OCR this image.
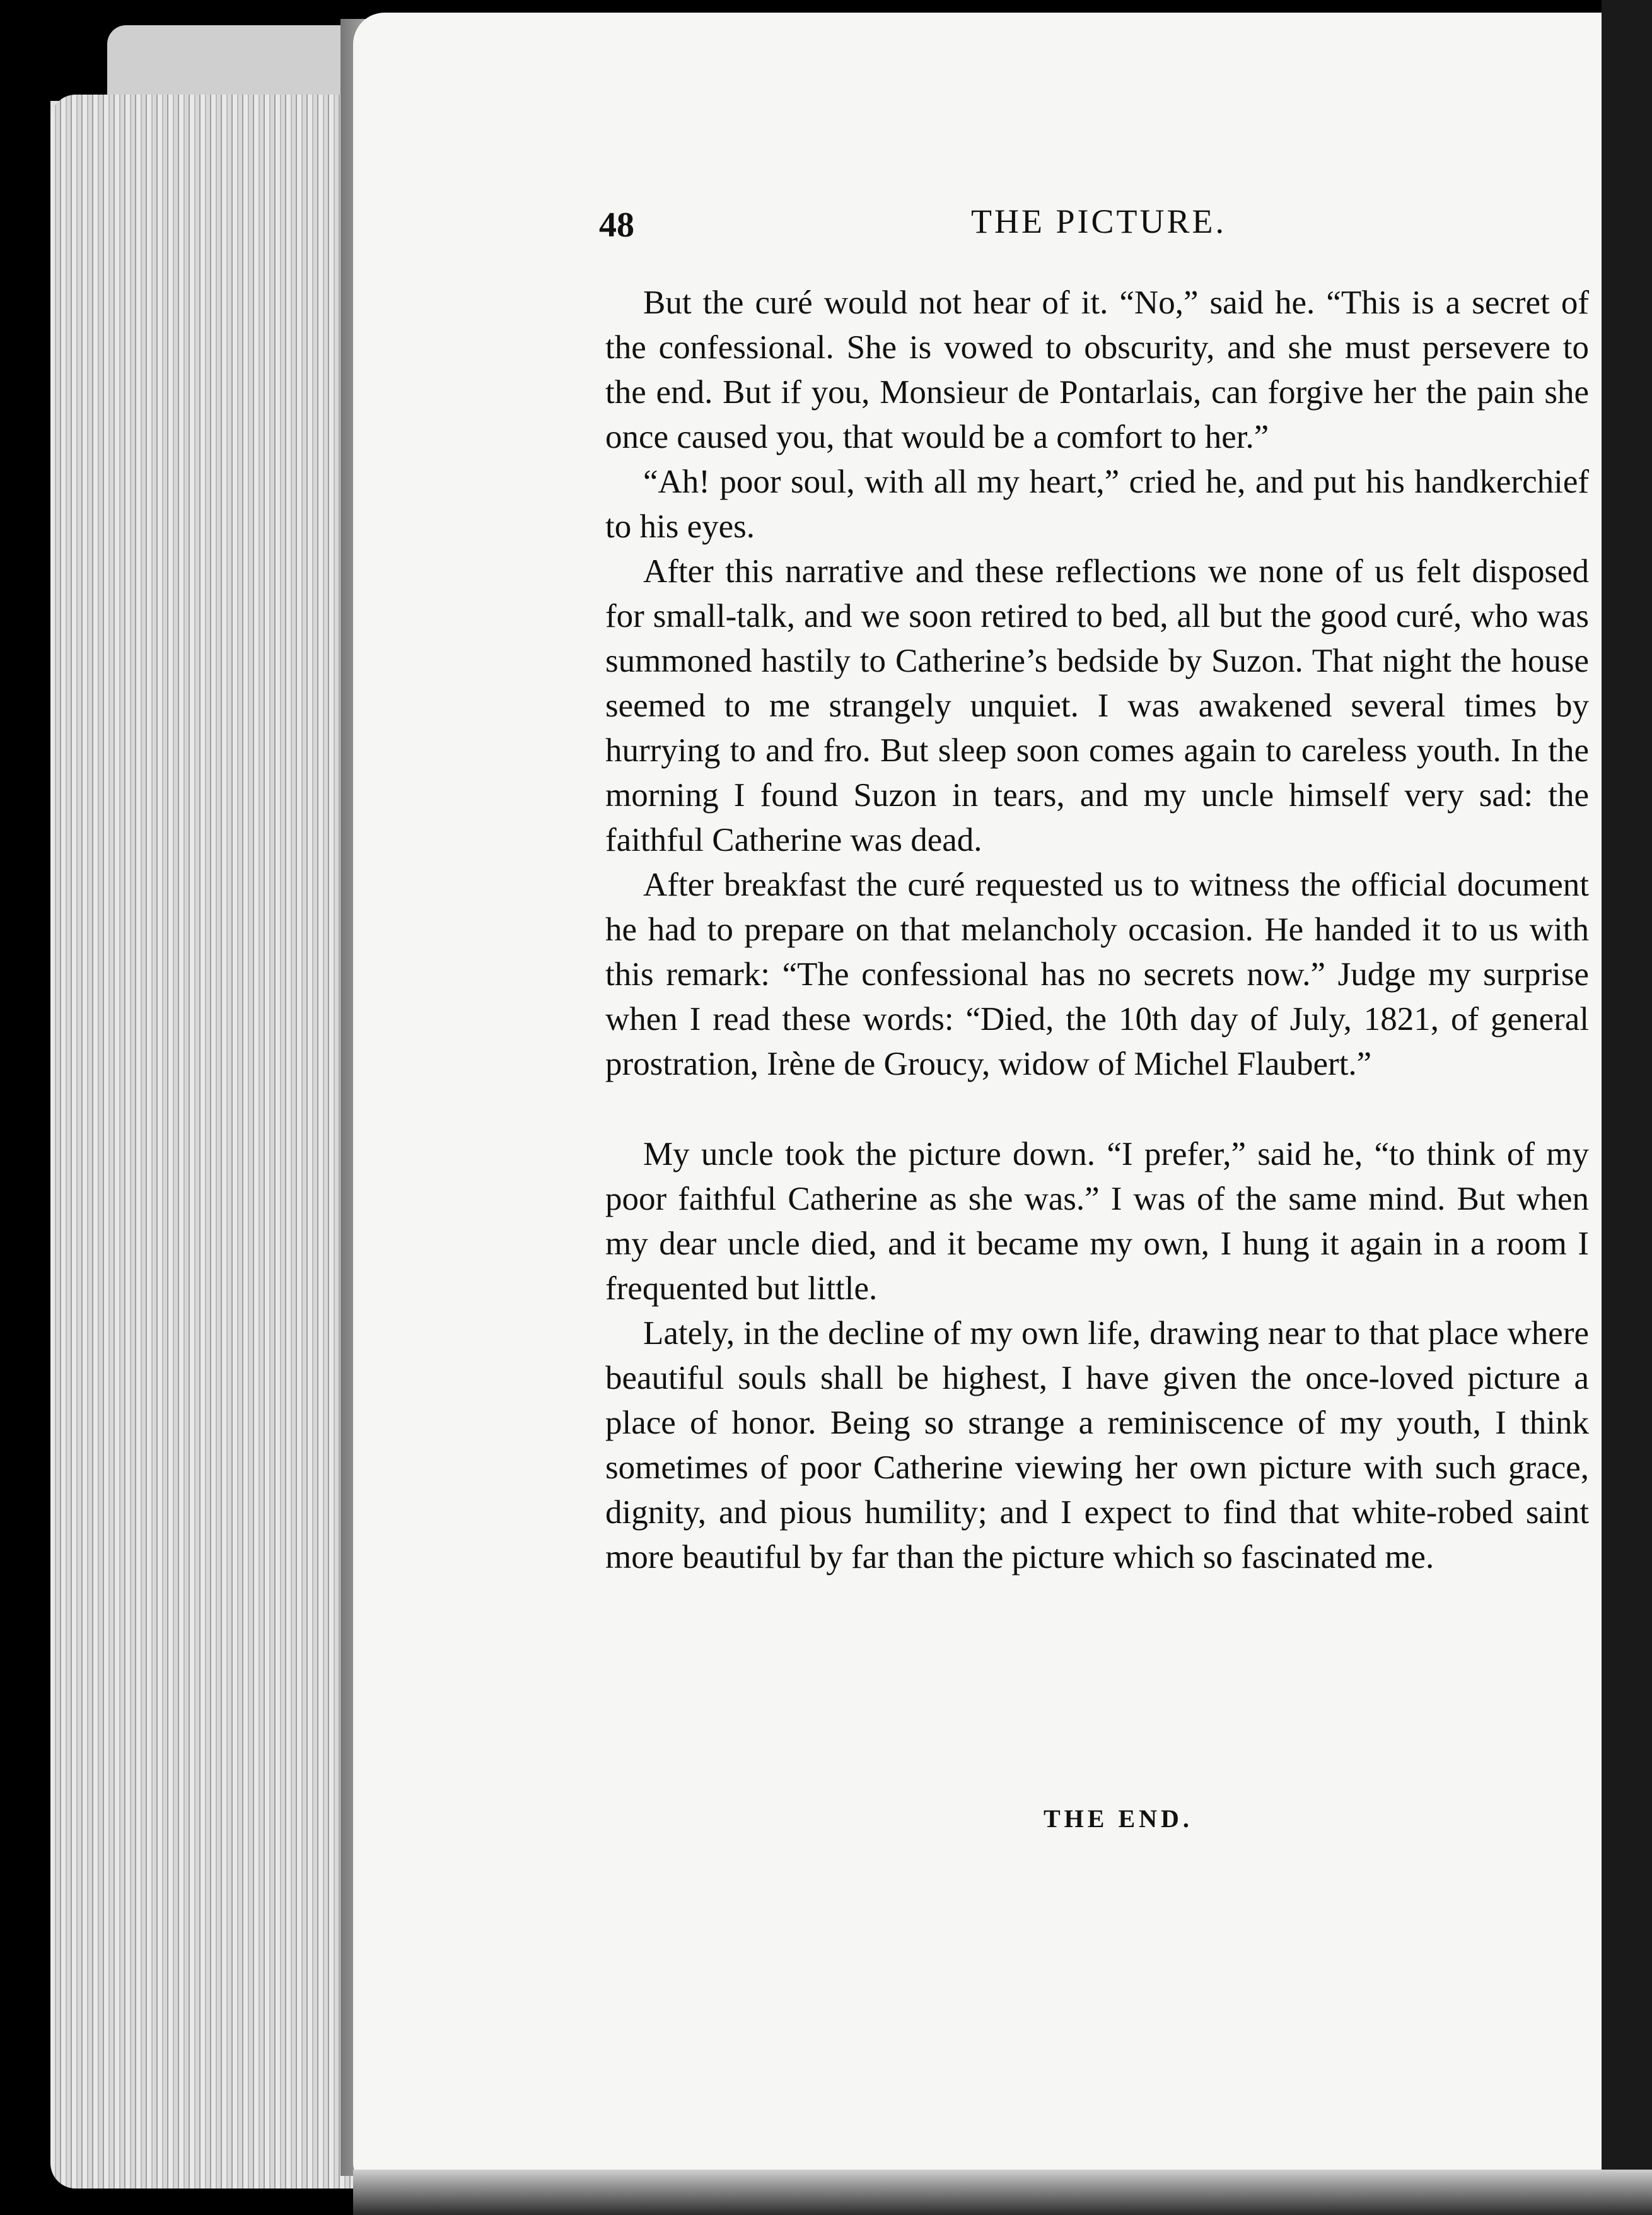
48	THE PICTURE.

But the curé would not hear of it. “No,” said he. “This is a secret of the confessional. She is vowed to obscurity, and she must persevere to the end. But if you, Monsieur de Pontarlais, can forgive her the pain she once caused you, that would be a comfort to her.”

“Ah! poor soul, with all my heart,” cried he, and put his handkerchief to his eyes.

After this narrative and these reflections we none of us felt disposed for small-talk, and we soon retired to bed, all but the good curé, who was summoned hastily to Catherine’s bedside by Suzon. That night the house seemed to me strangely unquiet. I was awakened several times by hurrying to and fro. But sleep soon comes again to careless youth. In the morning I found Suzon in tears, and my uncle himself very sad: the faithful Catherine was dead.

After breakfast the curé requested us to witness the official document he had to prepare on that melancholy occasion. He handed it to us with this remark: “The confessional has no secrets now.” Judge my surprise when I read these words: “Died, the 10th day of July, 1821, of general prostration, Irène de Groucy, widow of Michel Flaubert.”

My uncle took the picture down. “I prefer,” said he, “to think of my poor faithful Catherine as she was.” I was of the same mind. But when my dear uncle died, and it became my own, I hung it again in a room I frequented but little.

Lately, in the decline of my own life, drawing near to that place where beautiful souls shall be highest, I have given the once-loved picture a place of honor. Being so strange a reminiscence of my youth, I think sometimes of poor Catherine viewing her own picture with such grace, dignity, and pious humility; and I expect to find that white-robed saint more beautiful by far than the picture which so fascinated me.

THE END.
